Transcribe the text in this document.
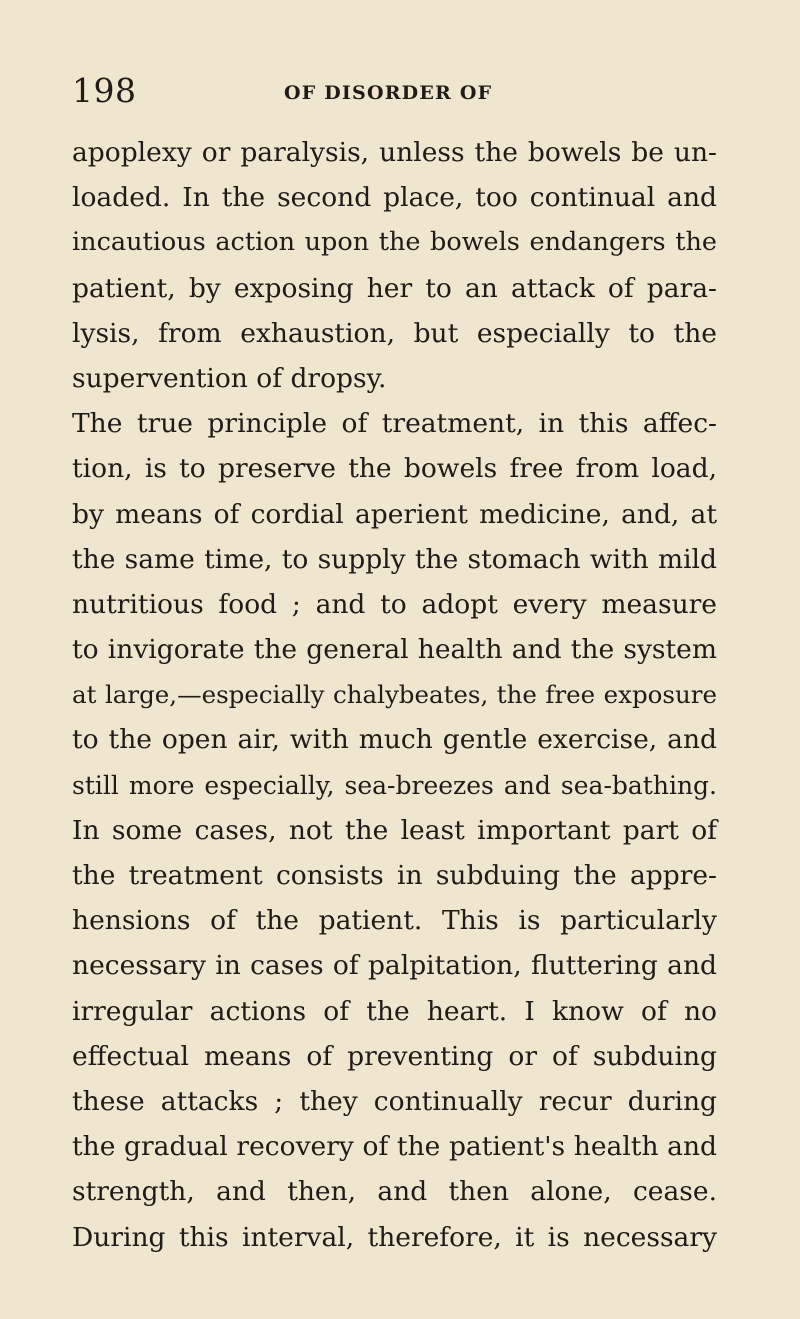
198	OF DISORDER OF
apoplexy or paralysis, unless the bowels be un-
loaded. In the second place, too continual and
incautious action upon the bowels endangers the
patient, by exposing her to an attack of para-
lysis, from exhaustion, but especially to the
supervention of dropsy.
The true principle of treatment, in this affec-
tion, is to preserve the bowels free from load,
by means of cordial aperient medicine, and, at
the same time, to supply the stomach with mild
nutritious food ; and to adopt every measure
to invigorate the general health and the system
at large,—especially chalybeates, the free exposure
to the open air, with much gentle exercise, and
still more especially, sea-breezes and sea-bathing.
In some cases, not the least important part of
the treatment consists in subduing the appre-
hensions of the patient. This is particularly
necessary in cases of palpitation, fluttering and
irregular actions of the heart. I know of no
effectual means of preventing or of subduing
these attacks ; they continually recur during
the gradual recovery of the patient's health and
strength, and then, and then alone, cease.
During this interval, therefore, it is necessary
